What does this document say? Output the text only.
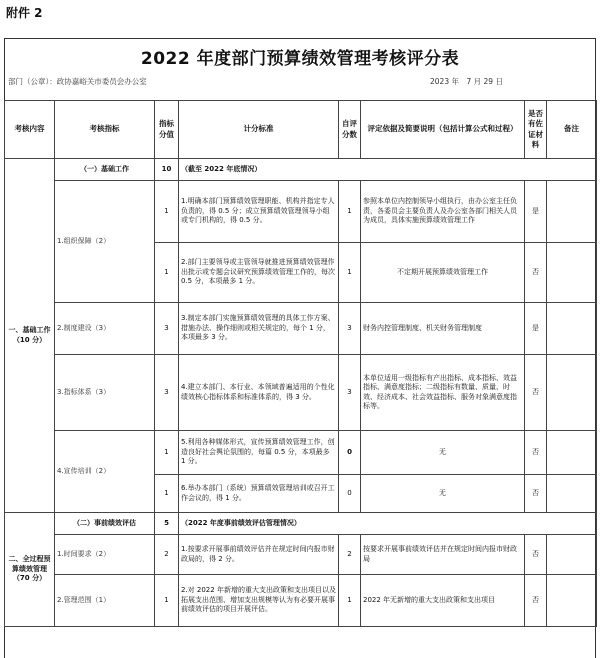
附件 2
2022 年度部门预算绩效管理考核评分表
部门（公章）：政协嘉峪关市委员会办公室	2023 年　7 月 29 日
考核内容	考核指标	指标分值	计分标准	自评分数	评定依据及简要说明（包括计算公式和过程）	是否有佐证材料	备注
一、基础工作（10 分）	（一）基础工作	10	（截至 2022 年底情况）				
	1.组织保障（2）	1	1.明确本部门预算绩效管理职能、机构并指定专人负责的，得 0.5 分；成立预算绩效管理领导小组或专门机构的，得 0.5 分。	1	参照本单位内控制领导小组执行，由办公室主任负责，各委员会主要负责人及办公室各部门相关人员为成员，具体实施预算绩效管理工作	是	
		1	2.部门主要领导或主管领导就推进预算绩效管理作出批示或专题会议研究预算绩效管理工作的，每次 0.5 分，本项最多 1 分。	1	不定期开展预算绩效管理工作	否	
	2.制度建设（3）	3	3.制定本部门实施预算绩效管理的具体工作方案、措施办法、操作细则或相关规定的，每个 1 分，本项最多 3 分。	3	财务内控管理制度、机关财务管理制度	是	
	3.指标体系（3）	3	4.建立本部门、本行业、本领域普遍适用的个性化绩效核心指标体系和标准体系的，得 3 分。	3	本单位适用一级指标有产出指标、成本指标、效益指标、满意度指标；二级指标有数量、质量、时效、经济成本、社会效益指标、服务对象满意度指标等。	否	
	4.宣传培训（2）	1	5.利用各种媒体形式，宣传预算绩效管理工作，创造良好社会舆论氛围的，每篇 0.5 分，本项最多 1 分。	0	无	否	
		1	6.举办本部门（系统）预算绩效管理培训或召开工作会议的，得 1 分。	0	无	否	
二、全过程预算绩效管理（70 分）	（二）事前绩效评估	5	（2022 年度事前绩效评估管理情况）				
	1.时间要求（2）	2	1.按要求开展事前绩效评估并在规定时间内报市财政局的，得 2 分。	2	按要求开展事前绩效评估并在规定时间内报市财政局	否	
	2.管理范围（1）	1	2.对 2022 年新增的重大支出政策和支出项目以及拓展支出范围、增加支出规模等认为有必要开展事前绩效评估的项目开展评估。	1	2022 年无新增的重大支出政策和支出项目	否	
